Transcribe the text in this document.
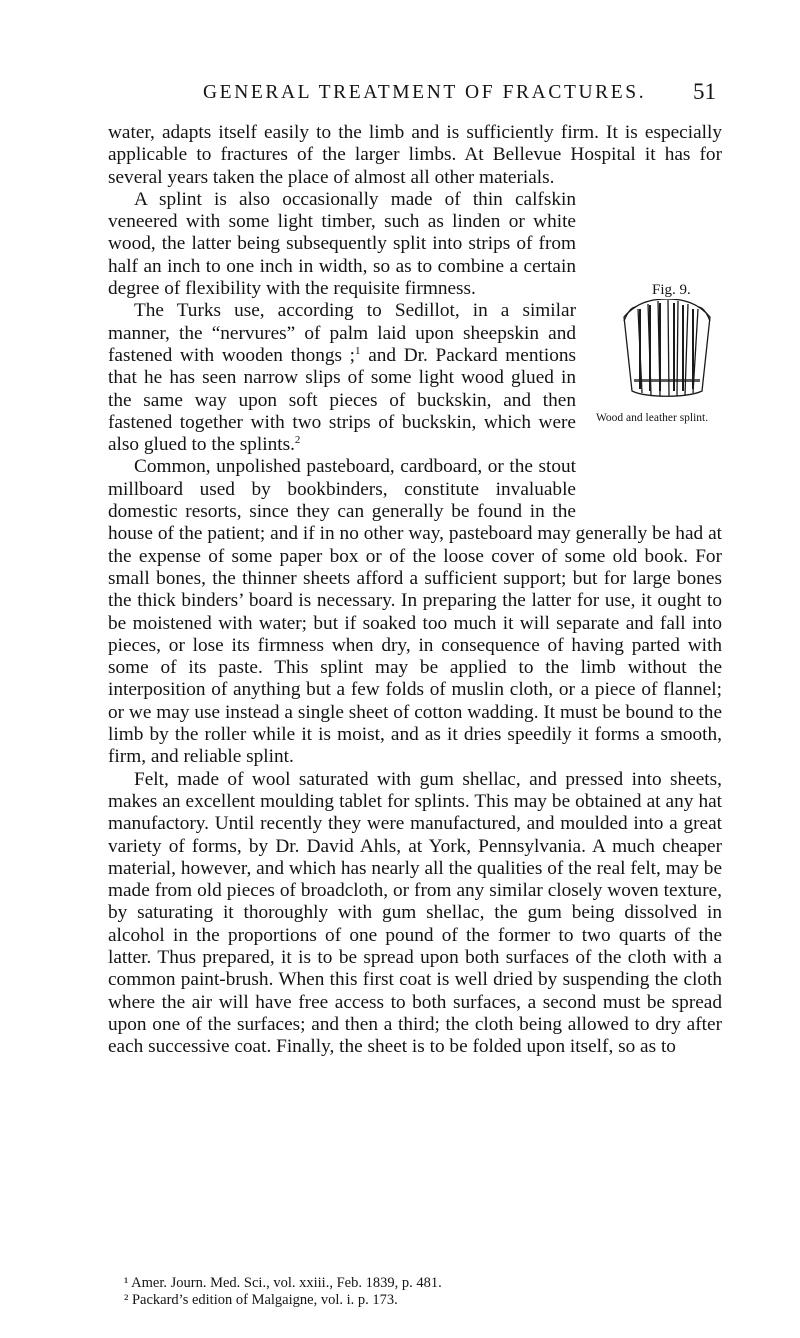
GENERAL TREATMENT OF FRACTURES. 51

water, adapts itself easily to the limb and is sufficiently firm. It is especially applicable to fractures of the larger limbs. At Bellevue Hospital it has for several years taken the place of almost all other materials.

Fig. 9.
Wood and leather splint.

A splint is also occasionally made of thin calfskin veneered with some light timber, such as linden or white wood, the latter being subsequently split into strips of from half an inch to one inch in width, so as to combine a certain degree of flexibility with the requisite firmness.

The Turks use, according to Sedillot, in a similar manner, the “nervures” of palm laid upon sheepskin and fastened with wooden thongs ;$^1$ and Dr. Packard mentions that he has seen narrow slips of some light wood glued in the same way upon soft pieces of buckskin, and then fastened together with two strips of buckskin, which were also glued to the splints.$^2$

Common, unpolished pasteboard, cardboard, or the stout millboard used by bookbinders, constitute invaluable domestic resorts, since they can generally be found in the house of the patient; and if in no other way, pasteboard may generally be had at the expense of some paper box or of the loose cover of some old book. For small bones, the thinner sheets afford a sufficient support; but for large bones the thick binders’ board is necessary. In preparing the latter for use, it ought to be moistened with water; but if soaked too much it will separate and fall into pieces, or lose its firmness when dry, in consequence of having parted with some of its paste. This splint may be applied to the limb without the interposition of anything but a few folds of muslin cloth, or a piece of flannel; or we may use instead a single sheet of cotton wadding. It must be bound to the limb by the roller while it is moist, and as it dries speedily it forms a smooth, firm, and reliable splint.

Felt, made of wool saturated with gum shellac, and pressed into sheets, makes an excellent moulding tablet for splints. This may be obtained at any hat manufactory. Until recently they were manufactured, and moulded into a great variety of forms, by Dr. David Ahls, at York, Pennsylvania. A much cheaper material, however, and which has nearly all the qualities of the real felt, may be made from old pieces of broadcloth, or from any similar closely woven texture, by saturating it thoroughly with gum shellac, the gum being dissolved in alcohol in the proportions of one pound of the former to two quarts of the latter. Thus prepared, it is to be spread upon both surfaces of the cloth with a common paint-brush. When this first coat is well dried by suspending the cloth where the air will have free access to both surfaces, a second must be spread upon one of the surfaces; and then a third; the cloth being allowed to dry after each successive coat. Finally, the sheet is to be folded upon itself, so as to

¹ Amer. Journ. Med. Sci., vol. xxiii., Feb. 1839, p. 481.
² Packard’s edition of Malgaigne, vol. i. p. 173.
